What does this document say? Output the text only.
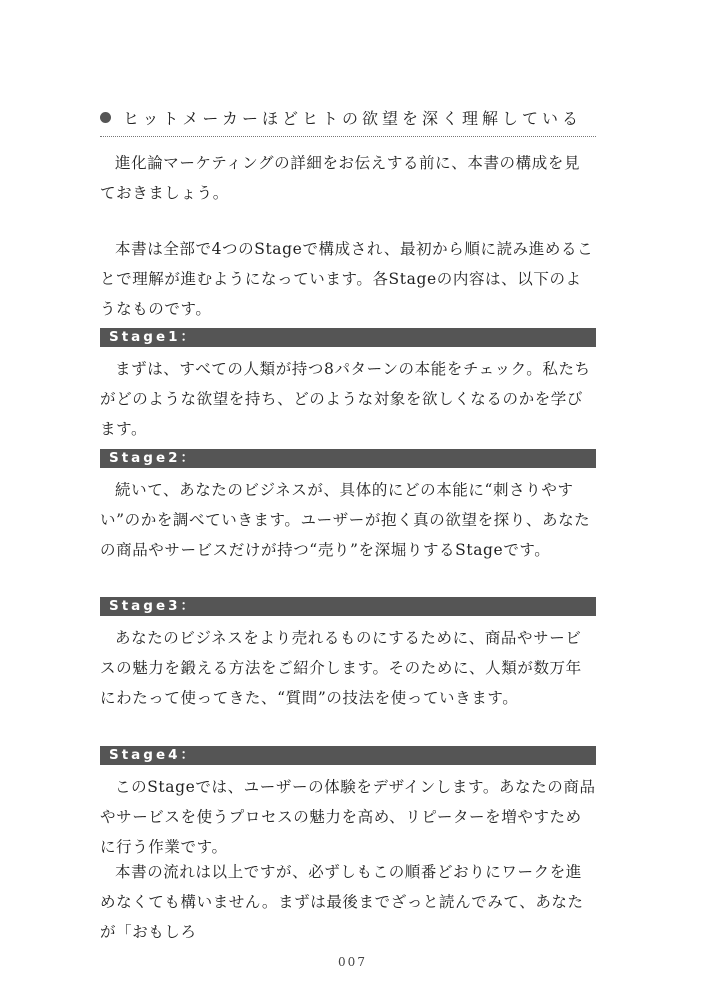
ヒットメーカーほどヒトの欲望を深く理解している

進化論マーケティングの詳細をお伝えする前に、本書の構成を見ておきましょう。

本書は全部で4つのStageで構成され、最初から順に読み進めることで理解が進むようになっています。各Stageの内容は、以下のようなものです。

Stage1：

まずは、すべての人類が持つ8パターンの本能をチェック。私たちがどのような欲望を持ち、どのような対象を欲しくなるのかを学びます。

Stage2：

続いて、あなたのビジネスが、具体的にどの本能に“刺さりやすい”のかを調べていきます。ユーザーが抱く真の欲望を探り、あなたの商品やサービスだけが持つ“売り”を深堀りするStageです。

Stage3：

あなたのビジネスをより売れるものにするために、商品やサービスの魅力を鍛える方法をご紹介します。そのために、人類が数万年にわたって使ってきた、“質問”の技法を使っていきます。

Stage4：

このStageでは、ユーザーの体験をデザインします。あなたの商品やサービスを使うプロセスの魅力を高め、リピーターを増やすために行う作業です。

本書の流れは以上ですが、必ずしもこの順番どおりにワークを進めなくても構いません。まずは最後までざっと読んでみて、あなたが「おもしろ

007
